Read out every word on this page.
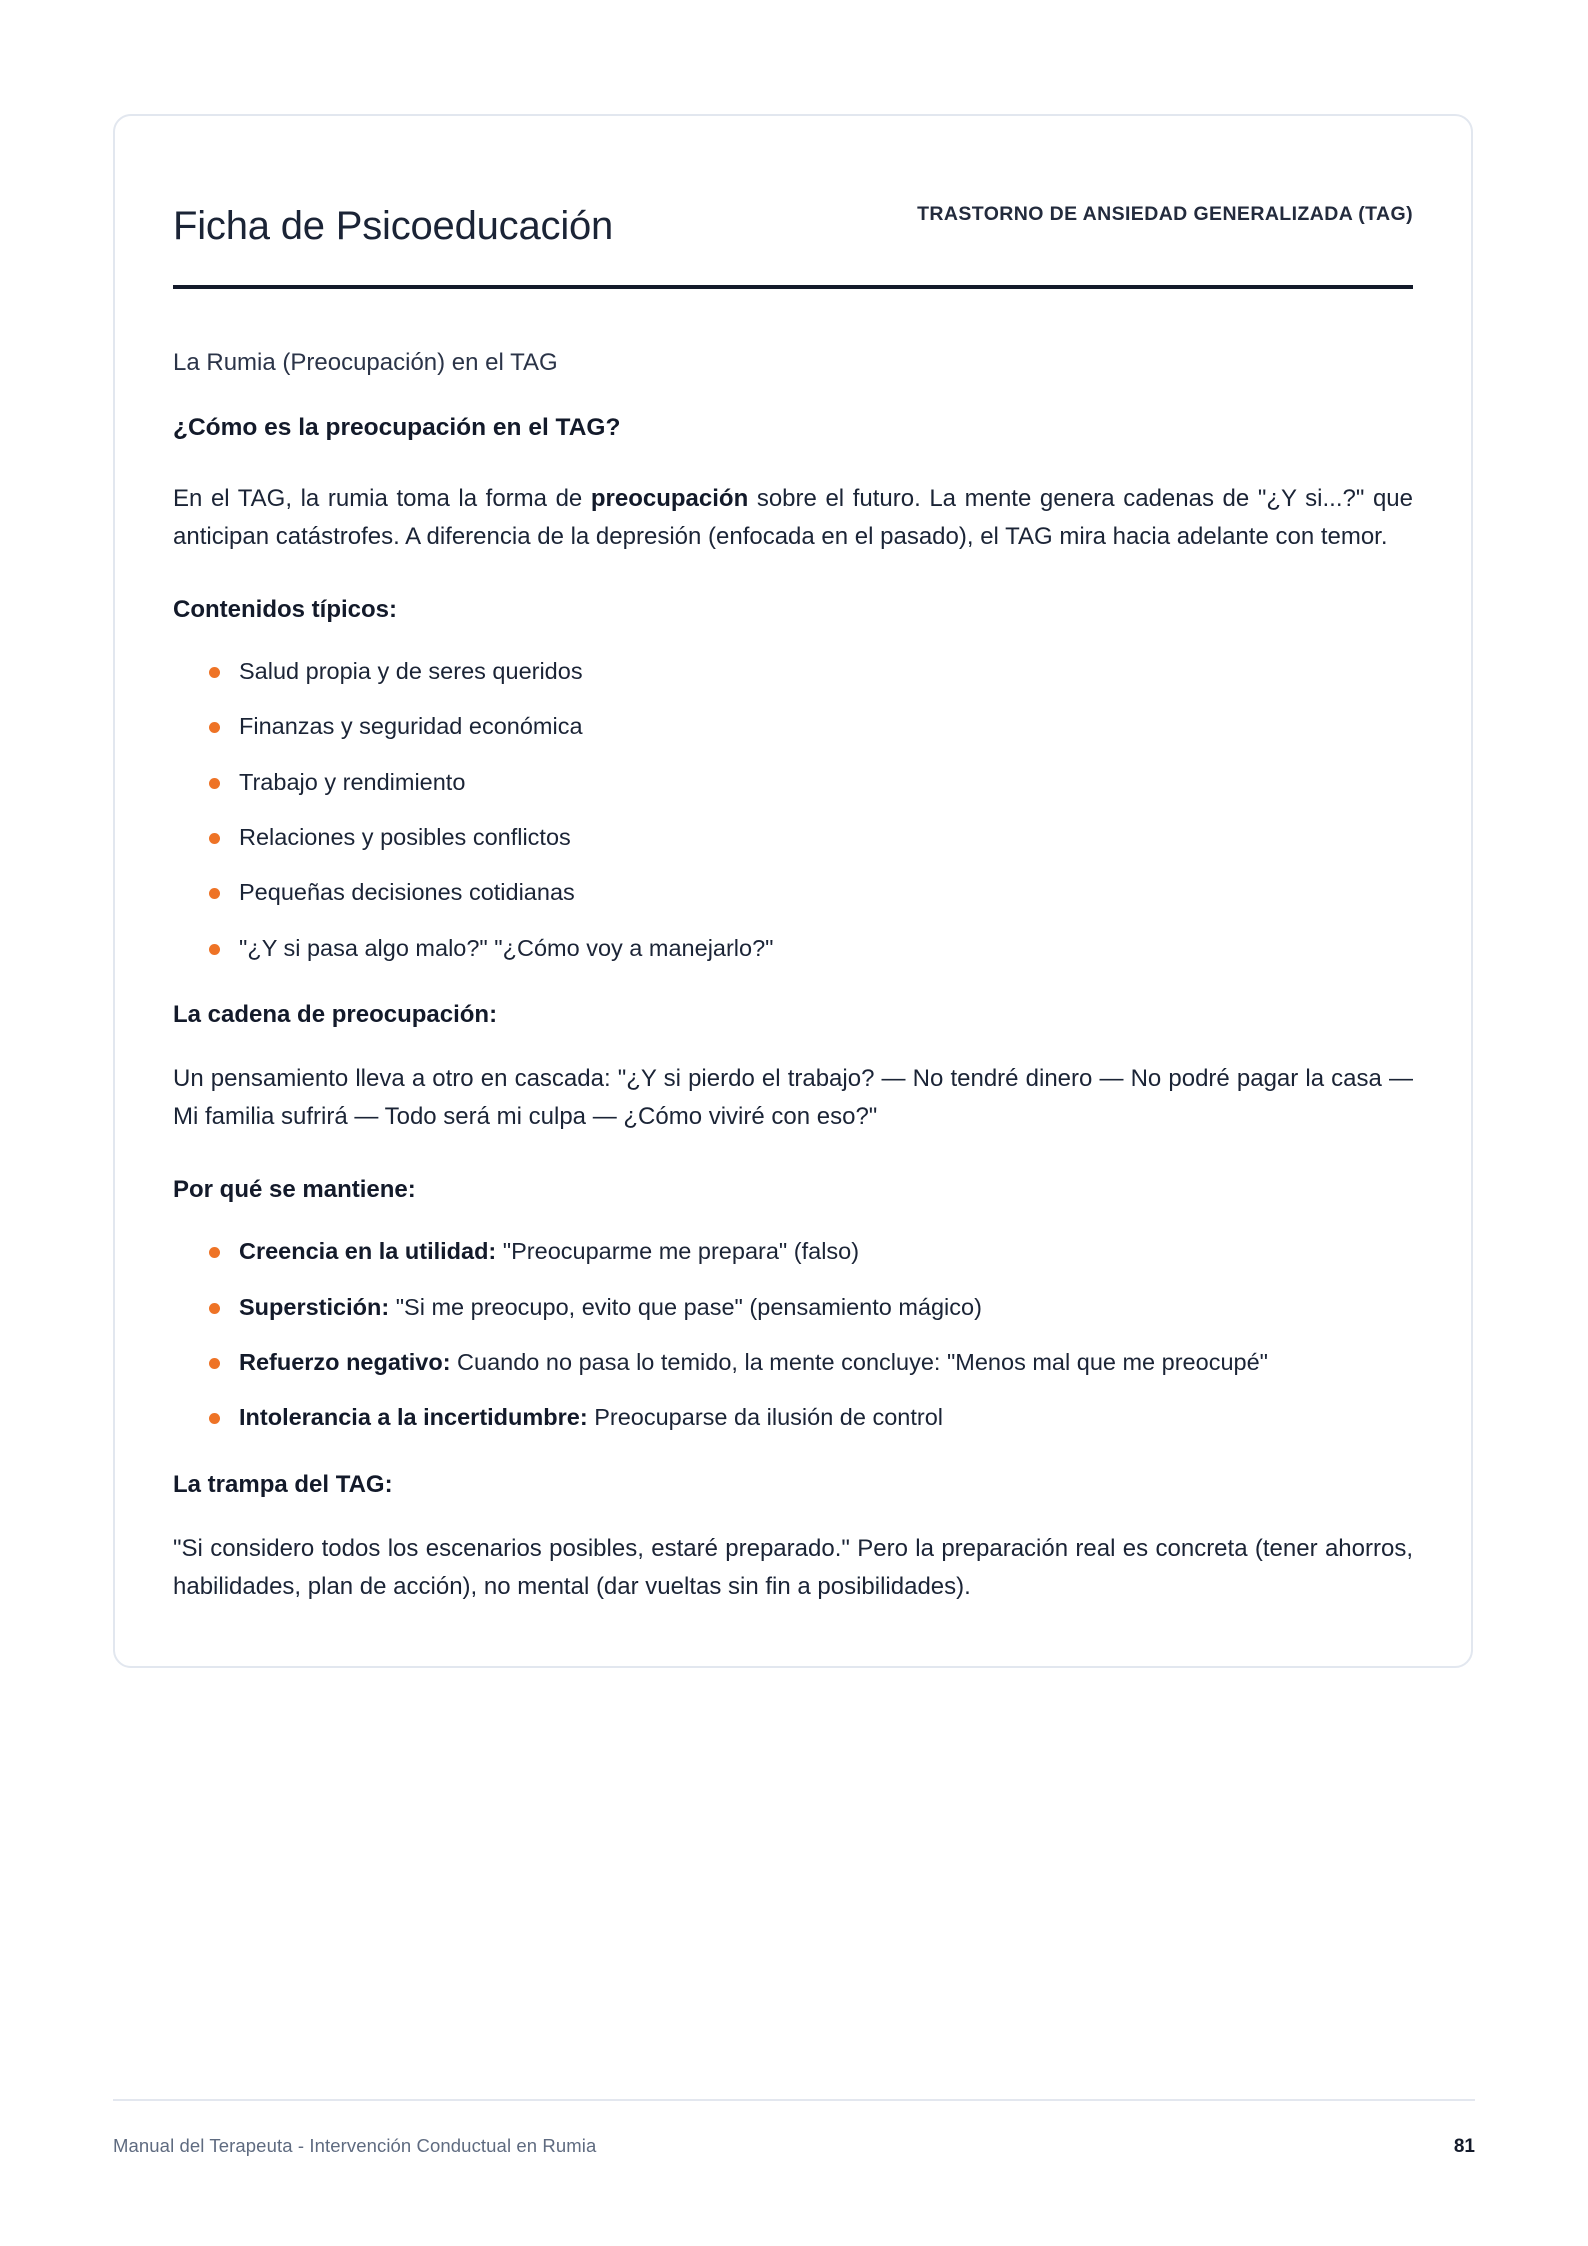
TRASTORNO DE ANSIEDAD GENERALIZADA (TAG)
Ficha de Psicoeducación
La Rumia (Preocupación) en el TAG
¿Cómo es la preocupación en el TAG?

En el TAG, la rumia toma la forma de preocupación sobre el futuro. La mente genera cadenas de "¿Y si...?" que anticipan catástrofes. A diferencia de la depresión (enfocada en el pasado), el TAG mira hacia adelante con temor.

Contenidos típicos:
Salud propia y de seres queridos
Finanzas y seguridad económica
Trabajo y rendimiento
Relaciones y posibles conflictos
Pequeñas decisiones cotidianas
"¿Y si pasa algo malo?" "¿Cómo voy a manejarlo?"
La cadena de preocupación:

Un pensamiento lleva a otro en cascada: "¿Y si pierdo el trabajo? — No tendré dinero — No podré pagar la casa — Mi familia sufrirá — Todo será mi culpa — ¿Cómo viviré con eso?"

Por qué se mantiene:
Creencia en la utilidad: "Preocuparme me prepara" (falso)
Superstición: "Si me preocupo, evito que pase" (pensamiento mágico)
Refuerzo negativo: Cuando no pasa lo temido, la mente concluye: "Menos mal que me preocupé"
Intolerancia a la incertidumbre: Preocuparse da ilusión de control
La trampa del TAG:

"Si considero todos los escenarios posibles, estaré preparado." Pero la preparación real es concreta (tener ahorros, habilidades, plan de acción), no mental (dar vueltas sin fin a posibilidades).

Manual del Terapeuta - Intervención Conductual en Rumia	81
